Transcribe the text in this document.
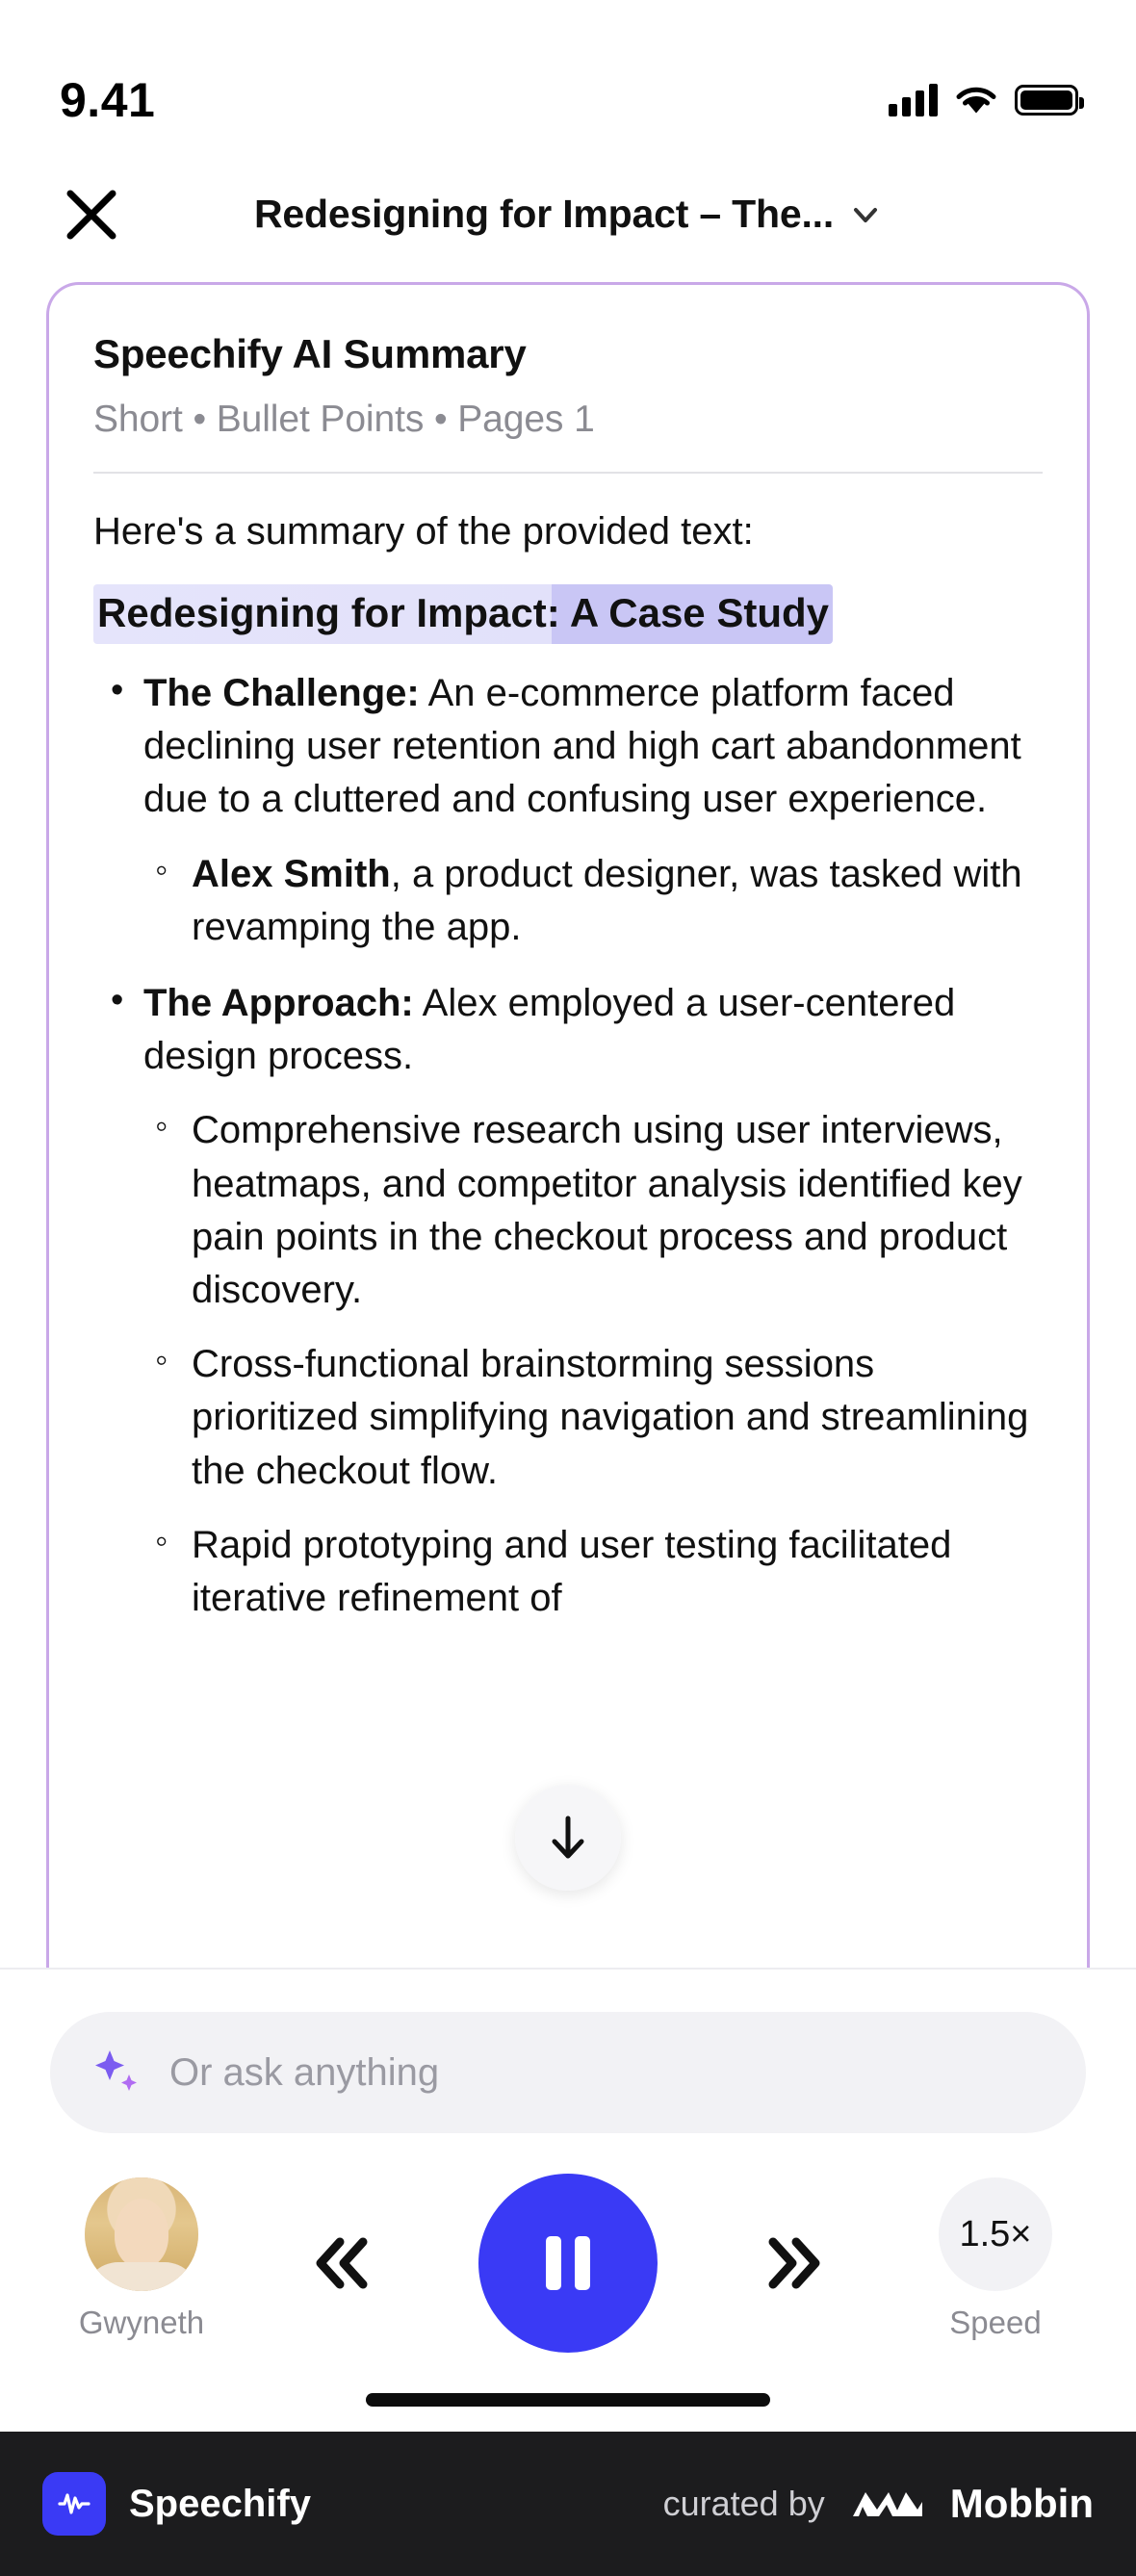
9.41
Redesigning for Impact – The...
Speechify AI Summary
Short • Bullet Points • Pages 1
Here's a summary of the provided text:
Redesigning for Impact: A Case Study
• The Challenge: An e-commerce platform faced declining user retention and high cart abandonment due to a cluttered and confusing user experience.
◦ Alex Smith, a product designer, was tasked with revamping the app.
• The Approach: Alex employed a user-centered design process.
◦ Comprehensive research using user interviews, heatmaps, and competitor analysis identified key pain points in the checkout process and product discovery.
◦ Cross-functional brainstorming sessions prioritized simplifying navigation and streamlining the checkout flow.
◦ Rapid prototyping and user testing facilitated iterative refinement of
Or ask anything
Gwyneth
1.5×
Speed
Speechify	curated by	Mobbin
